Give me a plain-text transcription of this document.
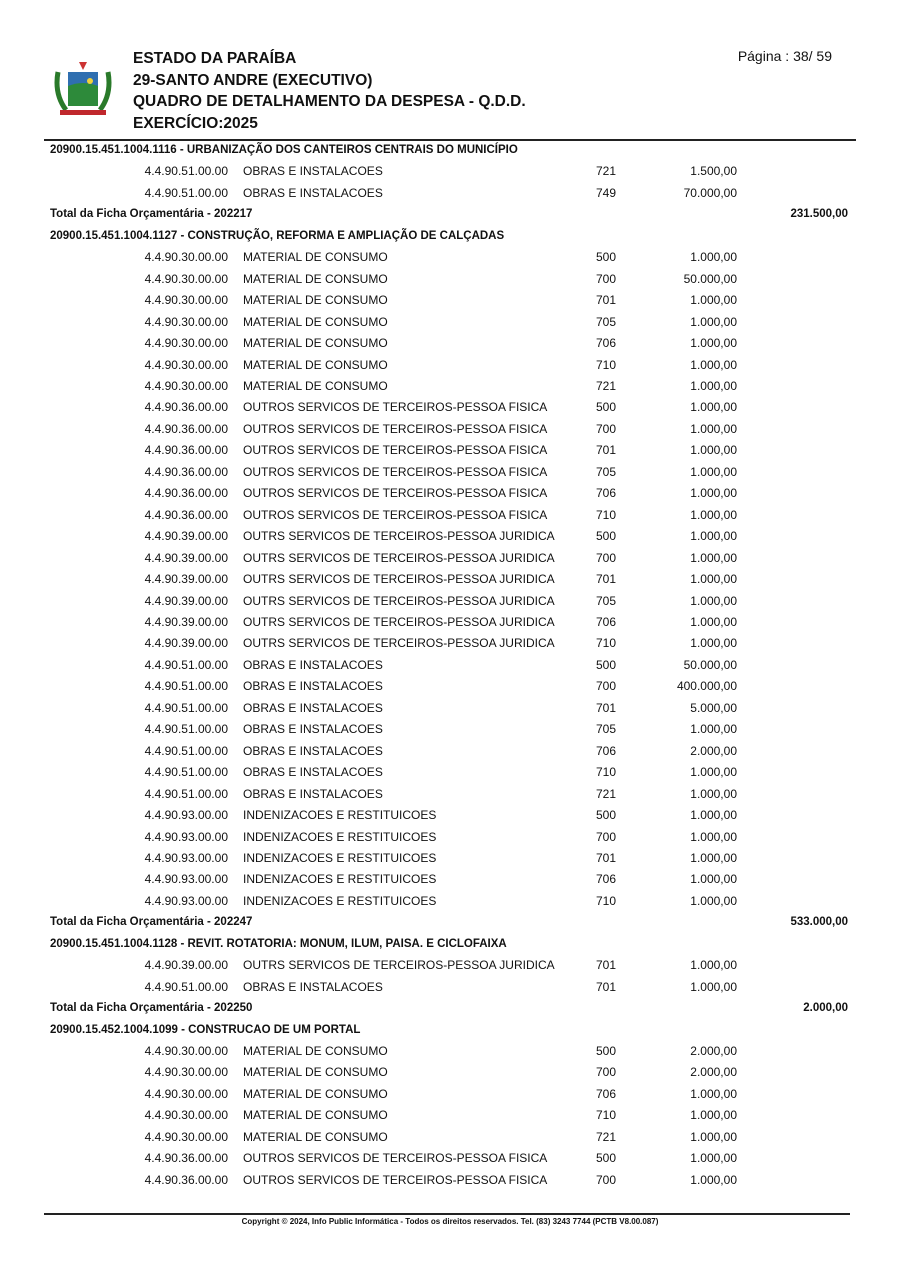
ESTADO DA PARAÍBA
29-SANTO ANDRE (EXECUTIVO)
QUADRO DE DETALHAMENTO DA DESPESA - Q.D.D.
EXERCÍCIO:2025
Página : 38/ 59
20900.15.451.1004.1116 - URBANIZAÇÃO DOS CANTEIROS CENTRAIS DO MUNICÍPIO
4.4.90.51.00.00 OBRAS E INSTALACOES	721	1.500,00
4.4.90.51.00.00 OBRAS E INSTALACOES	749	70.000,00
Total da Ficha Orçamentária - 202217	231.500,00
20900.15.451.1004.1127 - CONSTRUÇÃO, REFORMA E AMPLIAÇÃO DE CALÇADAS
4.4.90.30.00.00 MATERIAL DE CONSUMO	500	1.000,00
4.4.90.30.00.00 MATERIAL DE CONSUMO	700	50.000,00
4.4.90.30.00.00 MATERIAL DE CONSUMO	701	1.000,00
4.4.90.30.00.00 MATERIAL DE CONSUMO	705	1.000,00
4.4.90.30.00.00 MATERIAL DE CONSUMO	706	1.000,00
4.4.90.30.00.00 MATERIAL DE CONSUMO	710	1.000,00
4.4.90.30.00.00 MATERIAL DE CONSUMO	721	1.000,00
4.4.90.36.00.00 OUTROS SERVICOS DE TERCEIROS-PESSOA FISICA	500	1.000,00
4.4.90.36.00.00 OUTROS SERVICOS DE TERCEIROS-PESSOA FISICA	700	1.000,00
4.4.90.36.00.00 OUTROS SERVICOS DE TERCEIROS-PESSOA FISICA	701	1.000,00
4.4.90.36.00.00 OUTROS SERVICOS DE TERCEIROS-PESSOA FISICA	705	1.000,00
4.4.90.36.00.00 OUTROS SERVICOS DE TERCEIROS-PESSOA FISICA	706	1.000,00
4.4.90.36.00.00 OUTROS SERVICOS DE TERCEIROS-PESSOA FISICA	710	1.000,00
4.4.90.39.00.00 OUTRS SERVICOS DE TERCEIROS-PESSOA JURIDICA	500	1.000,00
4.4.90.39.00.00 OUTRS SERVICOS DE TERCEIROS-PESSOA JURIDICA	700	1.000,00
4.4.90.39.00.00 OUTRS SERVICOS DE TERCEIROS-PESSOA JURIDICA	701	1.000,00
4.4.90.39.00.00 OUTRS SERVICOS DE TERCEIROS-PESSOA JURIDICA	705	1.000,00
4.4.90.39.00.00 OUTRS SERVICOS DE TERCEIROS-PESSOA JURIDICA	706	1.000,00
4.4.90.39.00.00 OUTRS SERVICOS DE TERCEIROS-PESSOA JURIDICA	710	1.000,00
4.4.90.51.00.00 OBRAS E INSTALACOES	500	50.000,00
4.4.90.51.00.00 OBRAS E INSTALACOES	700	400.000,00
4.4.90.51.00.00 OBRAS E INSTALACOES	701	5.000,00
4.4.90.51.00.00 OBRAS E INSTALACOES	705	1.000,00
4.4.90.51.00.00 OBRAS E INSTALACOES	706	2.000,00
4.4.90.51.00.00 OBRAS E INSTALACOES	710	1.000,00
4.4.90.51.00.00 OBRAS E INSTALACOES	721	1.000,00
4.4.90.93.00.00 INDENIZACOES E RESTITUICOES	500	1.000,00
4.4.90.93.00.00 INDENIZACOES E RESTITUICOES	700	1.000,00
4.4.90.93.00.00 INDENIZACOES E RESTITUICOES	701	1.000,00
4.4.90.93.00.00 INDENIZACOES E RESTITUICOES	706	1.000,00
4.4.90.93.00.00 INDENIZACOES E RESTITUICOES	710	1.000,00
Total da Ficha Orçamentária - 202247	533.000,00
20900.15.451.1004.1128 - REVIT. ROTATORIA: MONUM, ILUM, PAISA. E CICLOFAIXA
4.4.90.39.00.00 OUTRS SERVICOS DE TERCEIROS-PESSOA JURIDICA	701	1.000,00
4.4.90.51.00.00 OBRAS E INSTALACOES	701	1.000,00
Total da Ficha Orçamentária - 202250	2.000,00
20900.15.452.1004.1099 - CONSTRUCAO DE UM PORTAL
4.4.90.30.00.00 MATERIAL DE CONSUMO	500	2.000,00
4.4.90.30.00.00 MATERIAL DE CONSUMO	700	2.000,00
4.4.90.30.00.00 MATERIAL DE CONSUMO	706	1.000,00
4.4.90.30.00.00 MATERIAL DE CONSUMO	710	1.000,00
4.4.90.30.00.00 MATERIAL DE CONSUMO	721	1.000,00
4.4.90.36.00.00 OUTROS SERVICOS DE TERCEIROS-PESSOA FISICA	500	1.000,00
4.4.90.36.00.00 OUTROS SERVICOS DE TERCEIROS-PESSOA FISICA	700	1.000,00
Copyright © 2024, Info Public Informática - Todos os direitos reservados. Tel. (83) 3243 7744 (PCTB V8.00.087)
